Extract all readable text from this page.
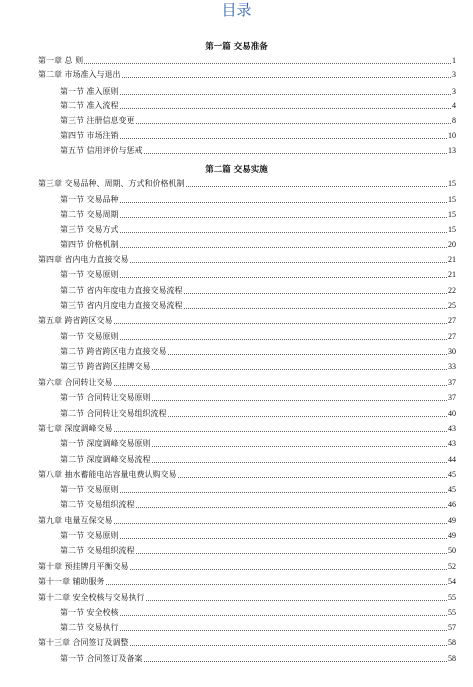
目录
第一篇 交易准备
第一章 总 则	1
第二章 市场准入与退出	3
第一节 准入原则	3
第二节 准入流程	4
第三节 注册信息变更	8
第四节 市场注销	10
第五节 信用评价与惩戒	13
第二篇 交易实施
第三章 交易品种、周期、方式和价格机制	15
第一节 交易品种	15
第二节 交易周期	15
第三节 交易方式	15
第四节 价格机制	20
第四章 省内电力直接交易	21
第一节 交易原则	21
第二节 省内年度电力直接交易流程	22
第三节 省内月度电力直接交易流程	25
第五章 跨省跨区交易	27
第一节 交易原则	27
第二节 跨省跨区电力直接交易	30
第三节 跨省跨区挂牌交易	33
第六章 合同转让交易	37
第一节 合同转让交易原则	37
第二节 合同转让交易组织流程	40
第七章 深度调峰交易	43
第一节 深度调峰交易原则	43
第二节 深度调峰交易流程	44
第八章 抽水蓄能电站容量电费认购交易	45
第一节 交易原则	45
第二节 交易组织流程	46
第九章 电量互保交易	49
第一节 交易原则	49
第二节 交易组织流程	50
第十章 预挂牌月平衡交易	52
第十一章 辅助服务	54
第十二章 安全校核与交易执行	55
第一节 安全校核	55
第二节 交易执行	57
第十三章 合同签订及调整	58
第一节 合同签订及备案	58
